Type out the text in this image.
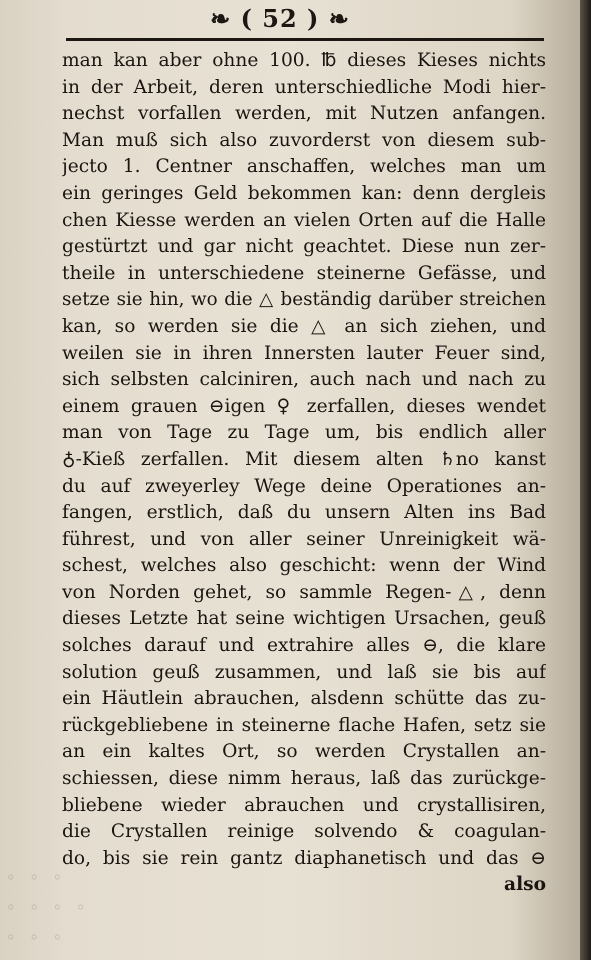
❧ ( 52 ) ❧
man kan aber ohne 100. ℔ dieses Kieses nichts
in der Arbeit, deren unterschiedliche Modi hier-
nechst vorfallen werden, mit Nutzen anfangen.
Man muß sich also zuvorderst von diesem sub-
jecto 1. Centner anschaffen, welches man um
ein geringes Geld bekommen kan: denn dergleis
chen Kiesse werden an vielen Orten auf die Halle
gestürtzt und gar nicht geachtet. Diese nun zer-
theile in unterschiedene steinerne Gefässe, und
setze sie hin, wo die △ beständig darüber streichen
kan, so werden sie die △ an sich ziehen, und
weilen sie in ihren Innersten lauter Feuer sind,
sich selbsten calciniren, auch nach und nach zu
einem grauen ⊖igen ♀ zerfallen, dieses wendet
man von Tage zu Tage um, bis endlich aller
♁-Kieß zerfallen. Mit diesem alten ♄no kanst
du auf zweyerley Wege deine Operationes an-
fangen, erstlich, daß du unsern Alten ins Bad
führest, und von aller seiner Unreinigkeit wä-
schest, welches also geschicht: wenn der Wind
von Norden gehet, so sammle Regen-△, denn
dieses Letzte hat seine wichtigen Ursachen, geuß
solches darauf und extrahire alles ⊖, die klare
solution geuß zusammen, und laß sie bis auf
ein Häutlein abrauchen, alsdenn schütte das zu-
rückgebliebene in steinerne flache Hafen, setz sie
an ein kaltes Ort, so werden Crystallen an-
schiessen, diese nimm heraus, laß das zurückge-
bliebene wieder abrauchen und crystallisiren,
die Crystallen reinige solvendo & coagulan-
do, bis sie rein gantz diaphanetisch und das ⊖
also
◦ ◦ ◦
◦ ◦ ◦ ◦
◦ ◦ ◦
